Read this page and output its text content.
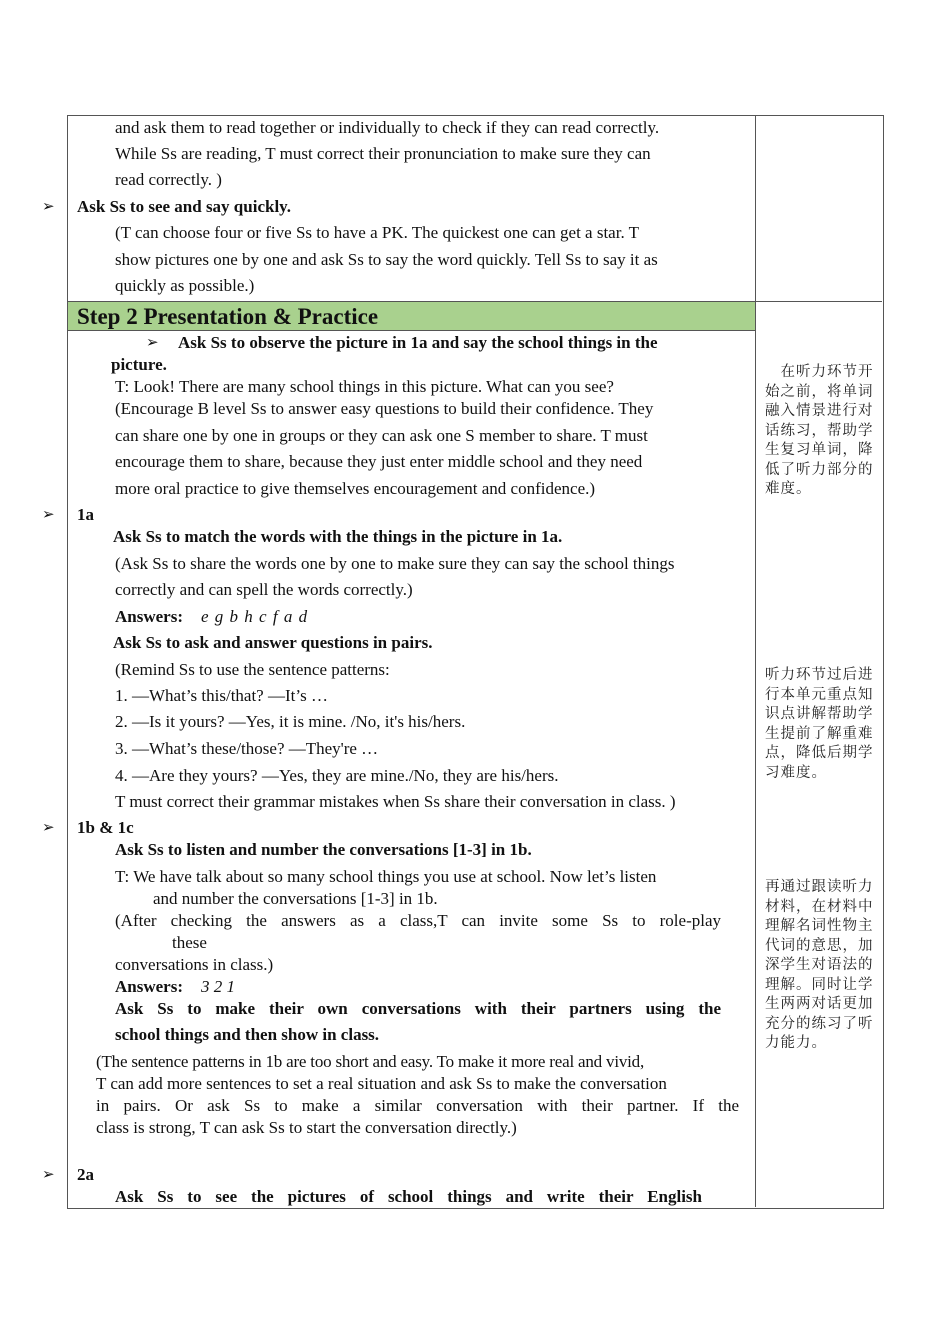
Step 2 Presentation & Practice
and ask them to read together or individually to check if they can read correctly.
While Ss are reading, T must correct their pronunciation to make sure they can
read correctly. )
➢ Ask Ss to see and say quickly.
(T can choose four or five Ss to have a PK. The quickest one can get a star. T
show pictures one by one and ask Ss to say the word quickly. Tell Ss to say it as
quickly as possible.)
➢ Ask Ss to observe the picture in 1a and say the school things in the
picture.
T: Look! There are many school things in this picture. What can you see?
(Encourage B level Ss to answer easy questions to build their confidence. They
can share one by one in groups or they can ask one S member to share. T must
encourage them to share, because they just enter middle school and they need
more oral practice to give themselves encouragement and confidence.)
➢ 1a
Ask Ss to match the words with the things in the picture in 1a.
(Ask Ss to share the words one by one to make sure they can say the school things
correctly and can spell the words correctly.)
Answers: e g b h c f a d
Ask Ss to ask and answer questions in pairs.
(Remind Ss to use the sentence patterns:
1. —What’s this/that? —It’s …
2. —Is it yours? —Yes, it is mine. /No, it's his/hers.
3. —What’s these/those? —They're …
4. —Are they yours? —Yes, they are mine./No, they are his/hers.
T must correct their grammar mistakes when Ss share their conversation in class. )
➢ 1b & 1c
Ask Ss to listen and number the conversations [1-3] in 1b.
T: We have talk about so many school things you use at school. Now let’s listen
and number the conversations [1-3] in 1b.
(After checking the answers as a class,T can invite some Ss to role-play
these
conversations in class.)
Answers: 3 2 1
Ask Ss to make their own conversations with their partners using the
school things and then show in class.
(The sentence patterns in 1b are too short and easy. To make it more real and vivid,
T can add more sentences to set a real situation and ask Ss to make the conversation
in pairs. Or ask Ss to make a similar conversation with their partner. If the
class is strong, T can ask Ss to start the conversation directly.)
➢ 2a
Ask Ss to see the pictures of school things and write their English
　在听力环节开始之前，将单词融入情景进行对话练习，帮助学生复习单词，降低了听力部分的难度。
听力环节过后进行本单元重点知识点讲解帮助学生提前了解重难点，降低后期学习难度。
再通过跟读听力材料，在材料中理解名词性物主代词的意思，加深学生对语法的理解。同时让学生两两对话更加充分的练习了听力能力。
